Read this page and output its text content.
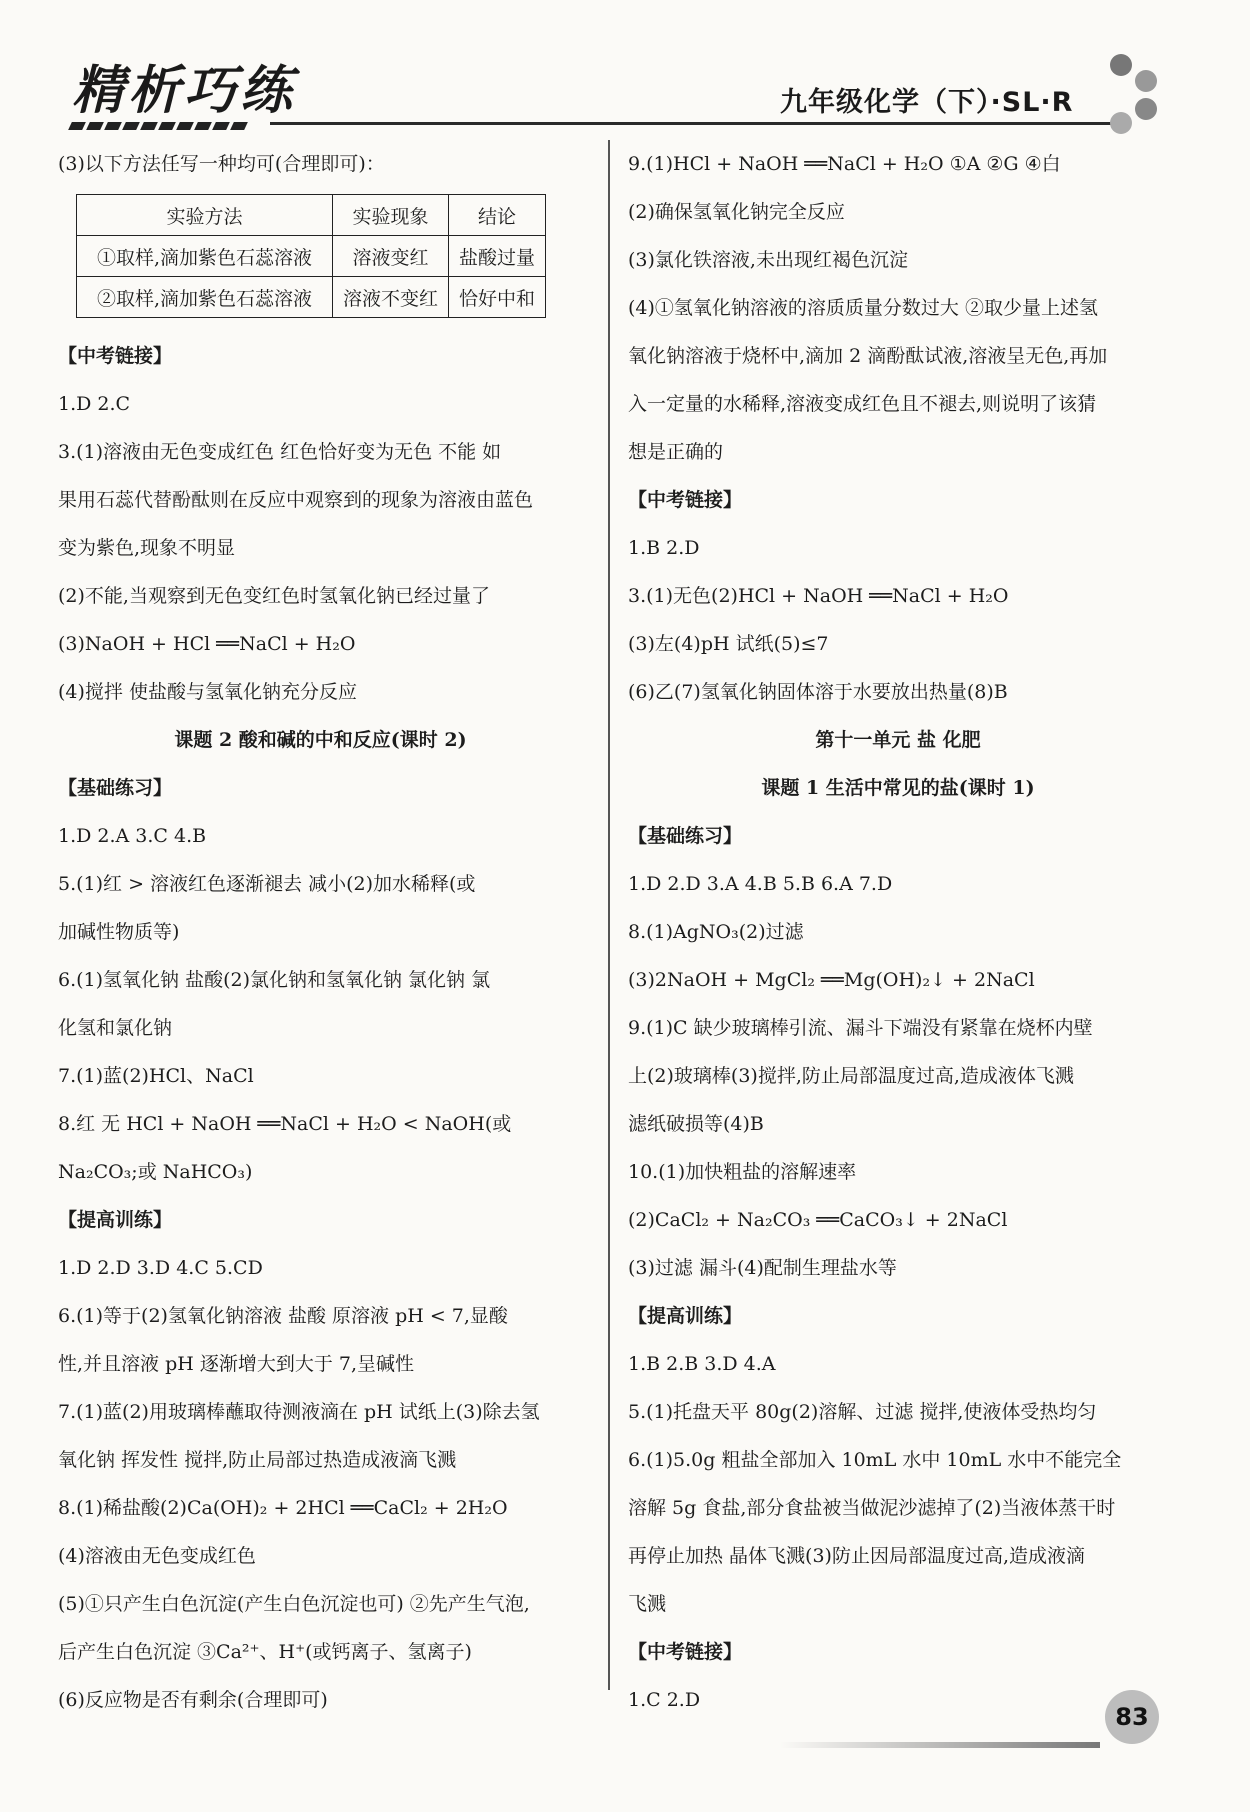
精析巧练	九年级化学（下）·SL·R
(3)以下方法任写一种均可(合理即可)：
实验方法	实验现象	结论
①取样,滴加紫色石蕊溶液	溶液变红	盐酸过量
②取样,滴加紫色石蕊溶液	溶液不变红	恰好中和
【中考链接】
1.D 2.C
3.(1)溶液由无色变成红色 红色恰好变为无色 不能 如
果用石蕊代替酚酞则在反应中观察到的现象为溶液由蓝色
变为紫色,现象不明显
(2)不能,当观察到无色变红色时氢氧化钠已经过量了
(3)NaOH + HCl ══NaCl + H₂O
(4)搅拌 使盐酸与氢氧化钠充分反应
课题 2 酸和碱的中和反应(课时 2)
【基础练习】
1.D 2.A 3.C 4.B
5.(1)红 > 溶液红色逐渐褪去 减小(2)加水稀释(或
加碱性物质等)
6.(1)氢氧化钠 盐酸(2)氯化钠和氢氧化钠 氯化钠 氯
化氢和氯化钠
7.(1)蓝(2)HCl、NaCl
8.红 无 HCl + NaOH ══NaCl + H₂O < NaOH(或
Na₂CO₃;或 NaHCO₃)
【提高训练】
1.D 2.D 3.D 4.C 5.CD
6.(1)等于(2)氢氧化钠溶液 盐酸 原溶液 pH < 7,显酸
性,并且溶液 pH 逐渐增大到大于 7,呈碱性
7.(1)蓝(2)用玻璃棒蘸取待测液滴在 pH 试纸上(3)除去氢
氧化钠 挥发性 搅拌,防止局部过热造成液滴飞溅
8.(1)稀盐酸(2)Ca(OH)₂ + 2HCl ══CaCl₂ + 2H₂O
(4)溶液由无色变成红色
(5)①只产生白色沉淀(产生白色沉淀也可) ②先产生气泡,
后产生白色沉淀 ③Ca²⁺、H⁺(或钙离子、氢离子)
(6)反应物是否有剩余(合理即可)
9.(1)HCl + NaOH ══NaCl + H₂O ①A ②G ④白
(2)确保氢氧化钠完全反应
(3)氯化铁溶液,未出现红褐色沉淀
(4)①氢氧化钠溶液的溶质质量分数过大 ②取少量上述氢
氧化钠溶液于烧杯中,滴加 2 滴酚酞试液,溶液呈无色,再加
入一定量的水稀释,溶液变成红色且不褪去,则说明了该猜
想是正确的
【中考链接】
1.B 2.D
3.(1)无色(2)HCl + NaOH ══NaCl + H₂O
(3)左(4)pH 试纸(5)≤7
(6)乙(7)氢氧化钠固体溶于水要放出热量(8)B
第十一单元 盐 化肥
课题 1 生活中常见的盐(课时 1)
【基础练习】
1.D 2.D 3.A 4.B 5.B 6.A 7.D
8.(1)AgNO₃(2)过滤
(3)2NaOH + MgCl₂ ══Mg(OH)₂↓ + 2NaCl
9.(1)C 缺少玻璃棒引流、漏斗下端没有紧靠在烧杯内壁
上(2)玻璃棒(3)搅拌,防止局部温度过高,造成液体飞溅
滤纸破损等(4)B
10.(1)加快粗盐的溶解速率
(2)CaCl₂ + Na₂CO₃ ══CaCO₃↓ + 2NaCl
(3)过滤 漏斗(4)配制生理盐水等
【提高训练】
1.B 2.B 3.D 4.A
5.(1)托盘天平 80g(2)溶解、过滤 搅拌,使液体受热均匀
6.(1)5.0g 粗盐全部加入 10mL 水中 10mL 水中不能完全
溶解 5g 食盐,部分食盐被当做泥沙滤掉了(2)当液体蒸干时
再停止加热 晶体飞溅(3)防止因局部温度过高,造成液滴
飞溅
【中考链接】
1.C 2.D
83
